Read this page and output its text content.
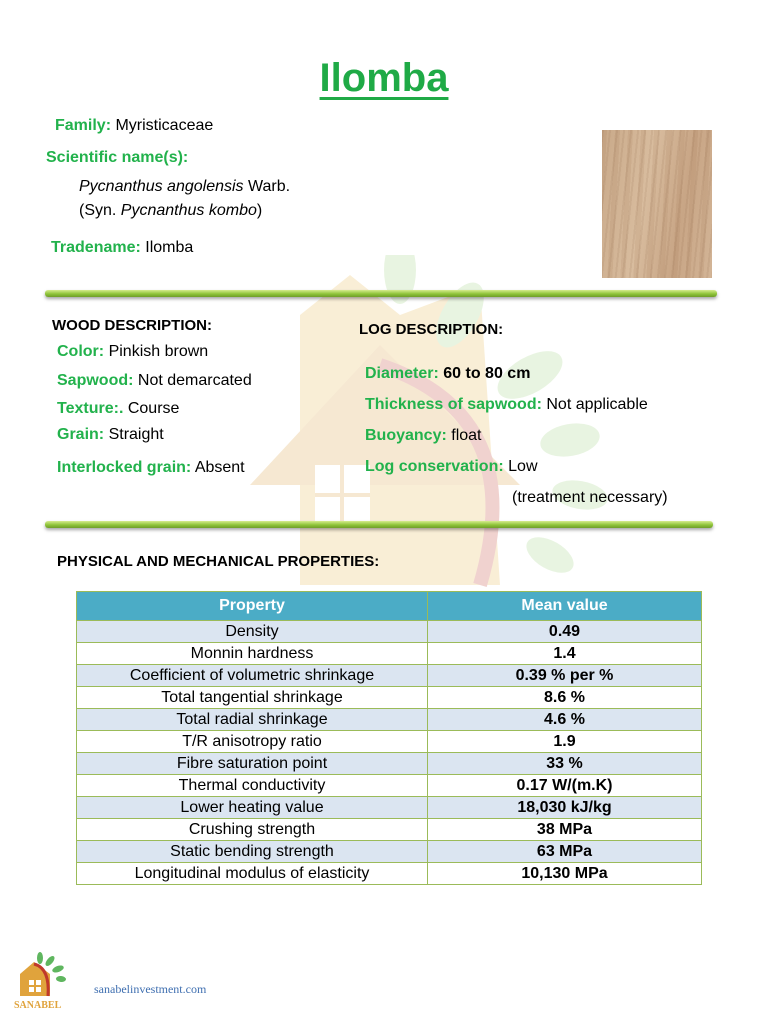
Ilomba
Family: Myristicaceae
Scientific name(s):
Pycnanthus angolensis Warb.
(Syn. Pycnanthus kombo)
Tradename: Ilomba
WOOD DESCRIPTION:
Color: Pinkish brown
Sapwood: Not demarcated
Texture:. Course
Grain: Straight
Interlocked grain: Absent
LOG DESCRIPTION:
Diameter: 60 to 80 cm
Thickness of sapwood: Not applicable
Buoyancy: float
Log conservation: Low
(treatment necessary)
PHYSICAL AND MECHANICAL PROPERTIES:
Property	Mean value
Density	0.49
Monnin hardness	1.4
Coefficient of volumetric shrinkage	0.39 % per %
Total tangential shrinkage	8.6 %
Total radial shrinkage	4.6 %
T/R anisotropy ratio	1.9
Fibre saturation point	33 %
Thermal conductivity	0.17 W/(m.K)
Lower heating value	18,030 kJ/kg
Crushing strength	38 MPa
Static bending strength	63 MPa
Longitudinal modulus of elasticity	10,130 MPa
SANABEL
sanabelinvestment.com
